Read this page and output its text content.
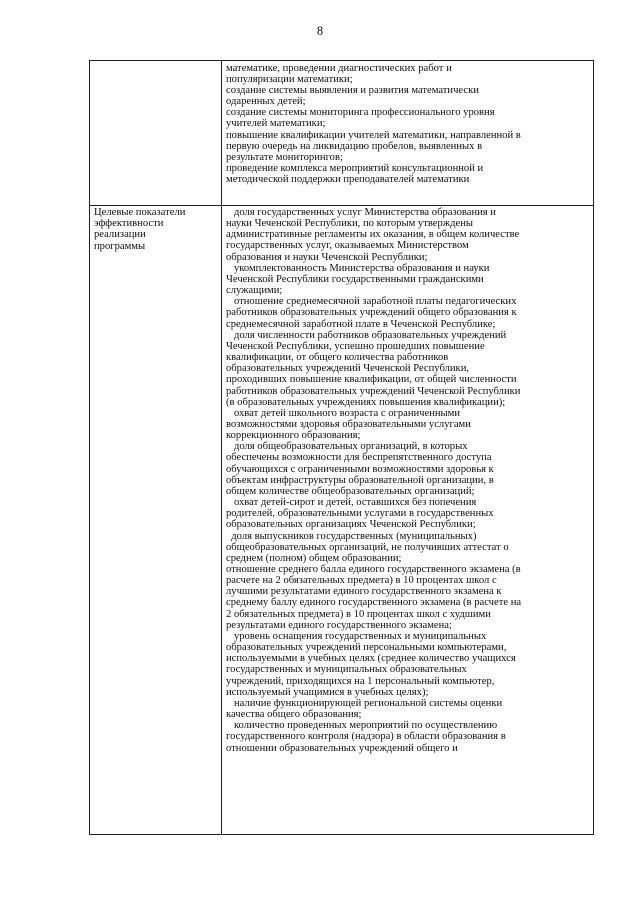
8
математике, проведении диагностических работ и
популяризации математики;
создание системы выявления и развития математически
одаренных детей;
создание системы мониторинга профессионального уровня
учителей математики;
повышение квалификации учителей математики, направленной в
первую очередь на ликвидацию пробелов, выявленных в
результате мониторингов;
проведение комплекса мероприятий консультационной и
методической поддержки преподавателей математики
Целевые показатели
эффективности
реализации
программы
доля государственных услуг Министерства образования и
науки Чеченской Республики, по которым утверждены
административные регламенты их оказания, в общем количестве
государственных услуг, оказываемых Министерством
образования и науки Чеченской Республики;
укомплектованность Министерства образования и науки
Чеченской Республики государственными гражданскими
служащими;
отношение среднемесячной заработной платы педагогических
работников образовательных учреждений общего образования к
среднемесячной заработной плате в Чеченской Республике;
доля численности работников образовательных учреждений
Чеченской Республики, успешно прошедших повышение
квалификации, от общего количества работников
образовательных учреждений Чеченской Республики,
проходивших повышение квалификации, от общей численности
работников образовательных учреждений Чеченской Республики
(в образовательных учреждениях повышения квалификации);
охват детей школьного возраста с ограниченными
возможностями здоровья образовательными услугами
коррекционного образования;
доля общеобразовательных организаций, в которых
обеспечены возможности для беспрепятственного доступа
обучающихся с ограниченными возможностями здоровья к
объектам инфраструктуры образовательной организации, в
общем количестве общеобразовательных организаций;
охват детей-сирот и детей, оставшихся без попечения
родителей, образовательными услугами в государственных
образовательных организациях Чеченской Республики;
доля выпускников государственных (муниципальных)
общеобразовательных организаций, не получивших аттестат о
среднем (полном) общем образовании;
отношение среднего балла единого государственного экзамена (в
расчете на 2 обязательных предмета) в 10 процентах школ с
лучшими результатами единого государственного экзамена к
среднему баллу единого государственного экзамена (в расчете на
2 обязательных предмета) в 10 процентах школ с худшими
результатами единого государственного экзамена;
уровень оснащения государственных и муниципальных
образовательных учреждений персональными компьютерами,
используемыми в учебных целях (среднее количество учащихся
государственных и муниципальных образовательных
учреждений, приходящихся на 1 персональный компьютер,
используемый учащимися в учебных целях);
наличие функционирующей региональной системы оценки
качества общего образования;
количество проведенных мероприятий по осуществлению
государственного контроля (надзора) в области образования в
отношении образовательных учреждений общего и
